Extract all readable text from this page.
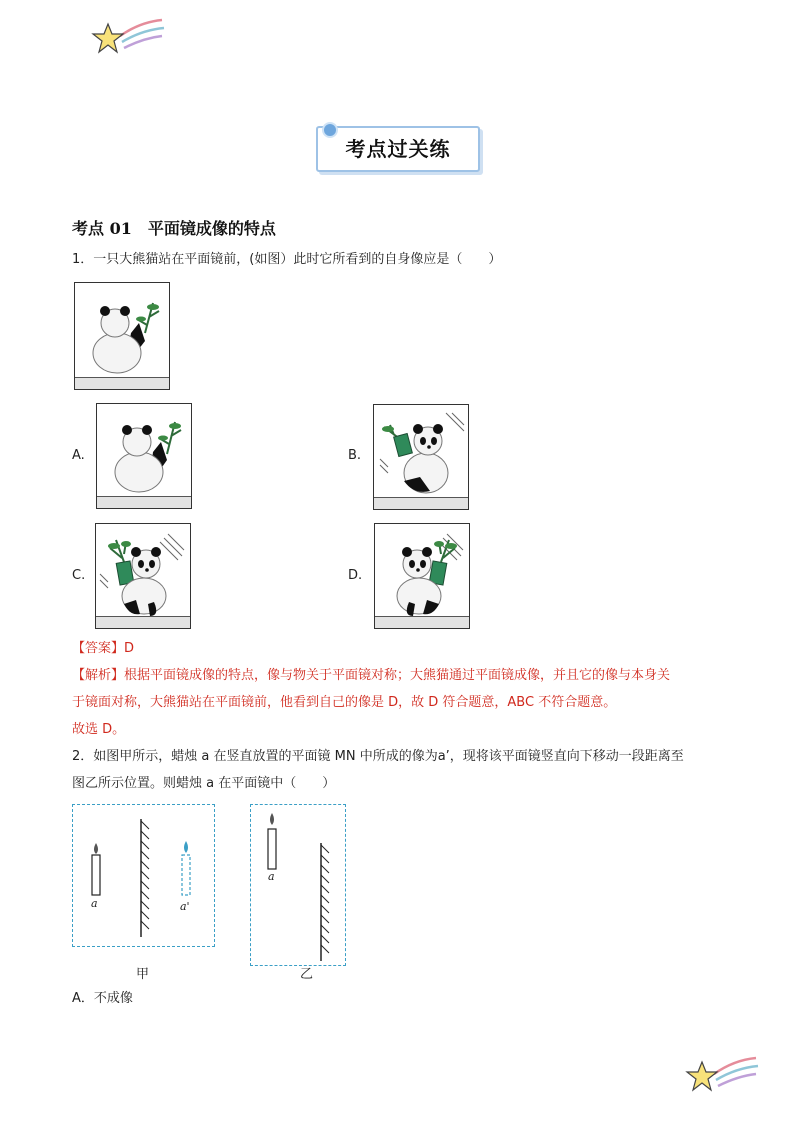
考点过关练
考点 01　平面镜成像的特点
1．一只大熊猫站在平面镜前，(如图）此时它所看到的自身像应是（　　）
A.	B.
C.	D.
【答案】D
【解析】根据平面镜成像的特点，像与物关于平面镜对称；大熊猫通过平面镜成像，并且它的像与本身关
于镜面对称，大熊猫站在平面镜前，他看到自己的像是 D，故 D 符合题意，ABC 不符合题意。
故选 D。
2．如图甲所示，蜡烛 a 在竖直放置的平面镜 MN 中所成的像为a’，现将该平面镜竖直向下移动一段距离至
图乙所示位置。则蜡烛 a 在平面镜中（　　）
a	a'
甲
a
乙
A．不成像
